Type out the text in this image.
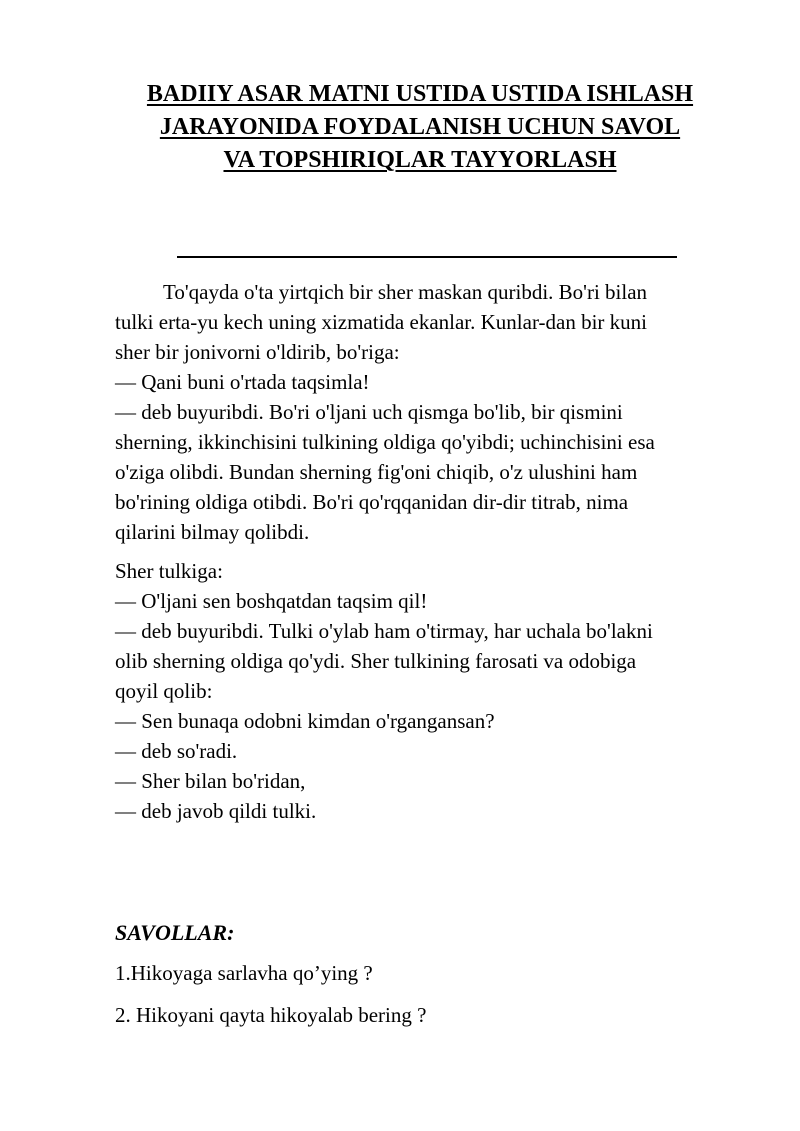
BADIIY ASAR MATNI USTIDA USTIDA ISHLASH
JARAYONIDA FOYDALANISH UCHUN SAVOL
VA TOPSHIRIQLAR TAYYORLASH
To'qayda o'ta yirtqich bir sher maskan quribdi. Bo'ri bilan
tulki erta-yu kech uning xizmatida ekanlar. Kunlar-dan bir kuni
sher bir jonivorni o'ldirib, bo'riga:
— Qani buni o'rtada taqsimla!
— deb buyuribdi. Bo'ri o'ljani uch qismga bo'lib, bir qismini
sherning, ikkinchisini tulkining oldiga qo'yibdi; uchinchisini esa
o'ziga olibdi. Bundan sherning fig'oni chiqib, o'z ulushini ham
bo'rining oldiga otibdi. Bo'ri qo'rqqanidan dir-dir titrab, nima
qilarini bilmay qolibdi.
Sher tulkiga:
— O'ljani sen boshqatdan taqsim qil!
— deb buyuribdi. Tulki o'ylab ham o'tirmay, har uchala bo'lakni
olib sherning oldiga qo'ydi. Sher tulkining farosati va odobiga
qoyil qolib:
— Sen bunaqa odobni kimdan o'rgangansan?
— deb so'radi.
— Sher bilan bo'ridan,
— deb javob qildi tulki.
SAVOLLAR:
1.Hikoyaga sarlavha qo’ying ?
2. Hikoyani qayta hikoyalab bering ?
